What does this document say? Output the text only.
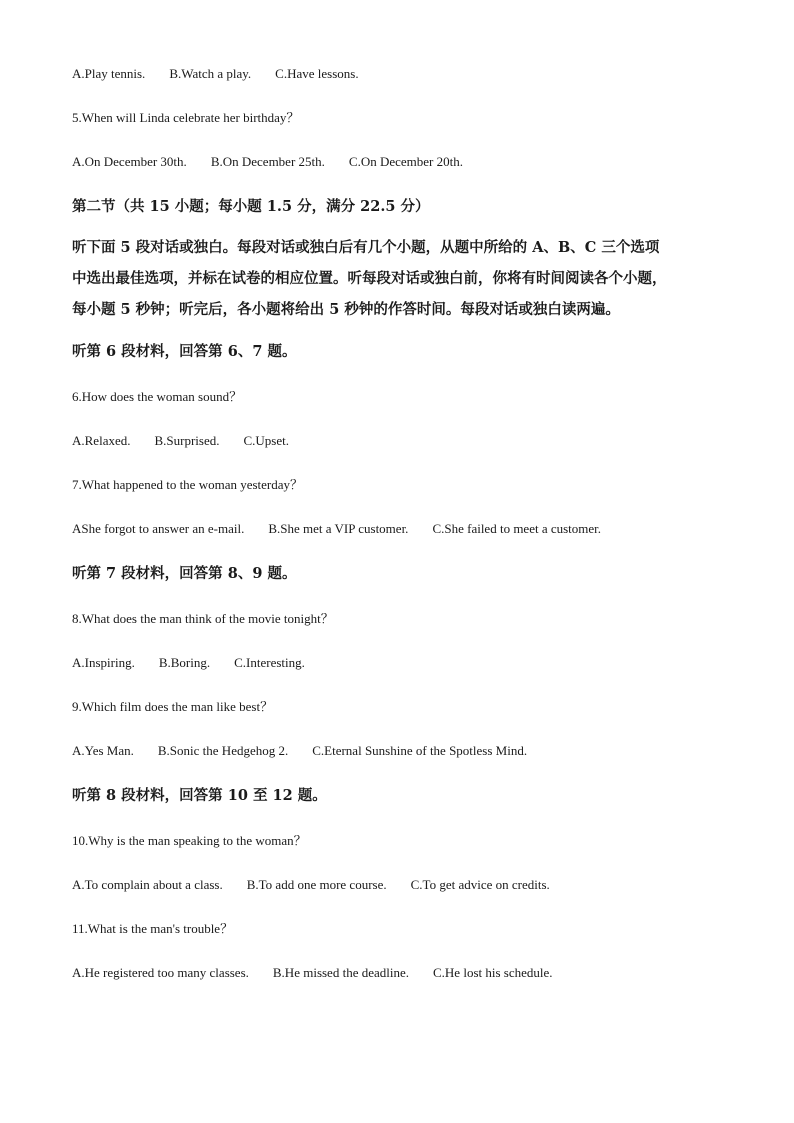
A.Play tennis. B.Watch a play. C.Have lessons.

5.When will Linda celebrate her birthday？

A.On December 30th. B.On December 25th. C.On December 20th.

第二节（共 15 小题；每小题 1.5 分，满分 22.5 分）

听下面 5 段对话或独白。每段对话或独白后有几个小题，从题中所给的 A、B、C 三个选项
中选出最佳选项，并标在试卷的相应位置。听每段对话或独白前，你将有时间阅读各个小题，
每小题 5 秒钟；听完后，各小题将给出 5 秒钟的作答时间。每段对话或独白读两遍。

听第 6 段材料，回答第 6、7 题。

6.How does the woman sound？

A.Relaxed. B.Surprised. C.Upset.

7.What happened to the woman yesterday？

AShe forgot to answer an e-mail. B.She met a VIP customer. C.She failed to meet a customer.

听第 7 段材料，回答第 8、9 题。

8.What does the man think of the movie tonight？

A.Inspiring. B.Boring. C.Interesting.

9.Which film does the man like best？

A.Yes Man. B.Sonic the Hedgehog 2. C.Eternal Sunshine of the Spotless Mind.

听第 8 段材料，回答第 10 至 12 题。

10.Why is the man speaking to the woman？

A.To complain about a class. B.To add one more course. C.To get advice on credits.

11.What is the man's trouble？

A.He registered too many classes. B.He missed the deadline. C.He lost his schedule.
